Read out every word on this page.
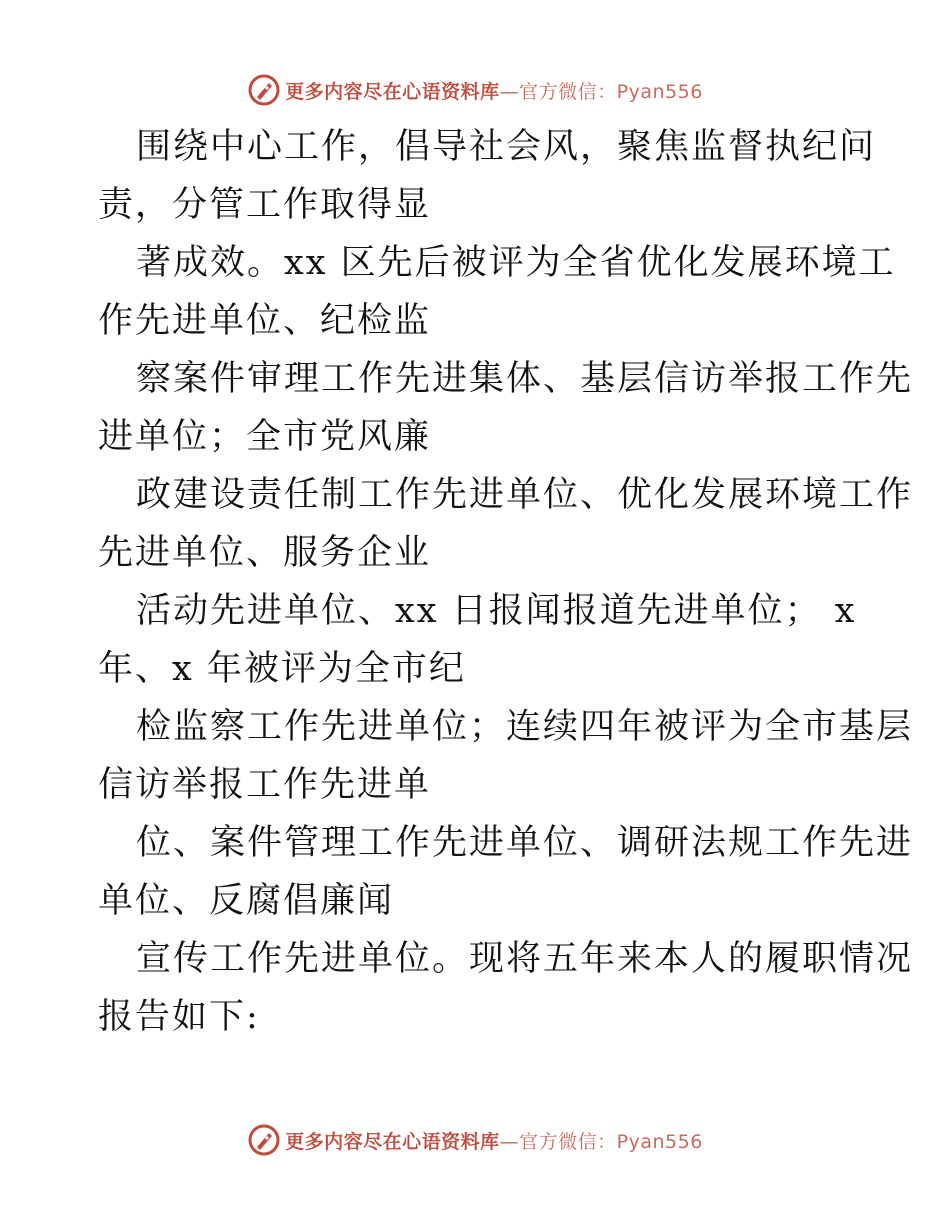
更多内容尽在心语资料库—官方微信：Pyan556
围绕中心工作，倡导社会风，聚焦监督执纪问
责，分管工作取得显
著成效。xx 区先后被评为全省优化发展环境工
作先进单位、纪检监
察案件审理工作先进集体、基层信访举报工作先
进单位；全市党风廉
政建设责任制工作先进单位、优化发展环境工作
先进单位、服务企业
活动先进单位、xx 日报闻报道先进单位； x
年、x 年被评为全市纪
检监察工作先进单位；连续四年被评为全市基层
信访举报工作先进单
位、案件管理工作先进单位、调研法规工作先进
单位、反腐倡廉闻
宣传工作先进单位。现将五年来本人的履职情况
报告如下:
更多内容尽在心语资料库—官方微信：Pyan556
